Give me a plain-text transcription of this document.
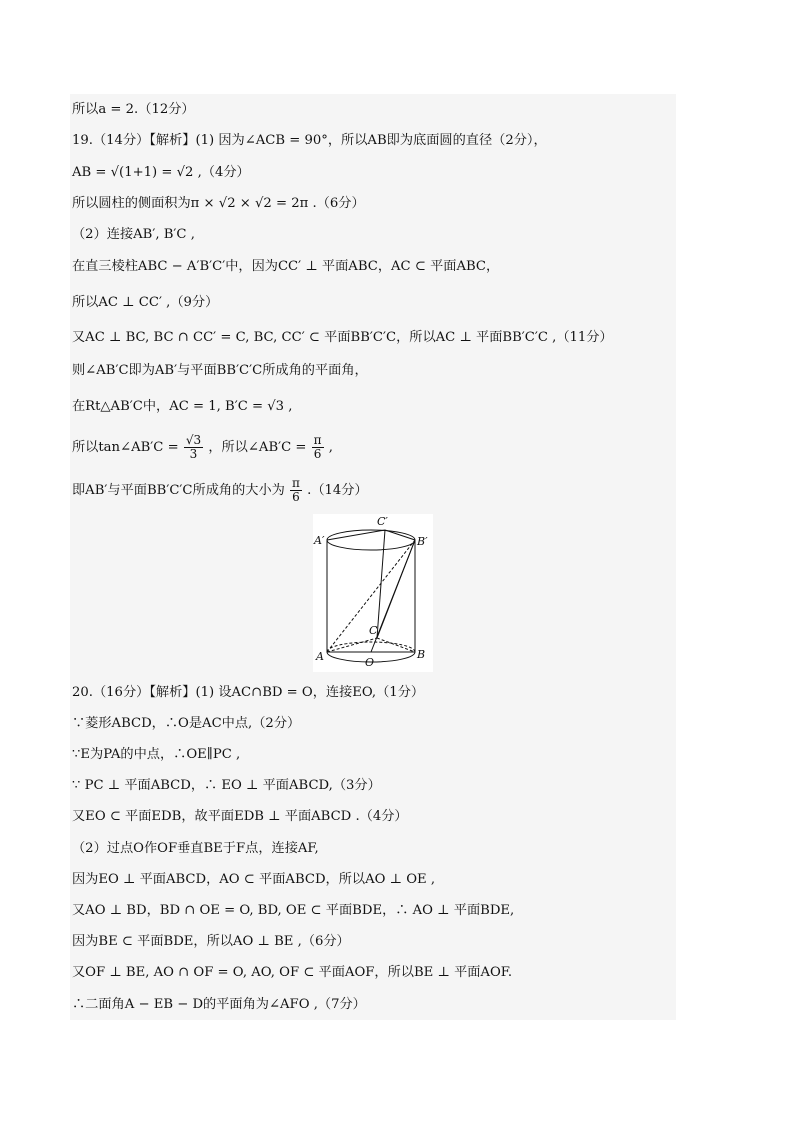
所以a = 2.（12分）
19.（14分）【解析】(1) 因为∠ACB = 90°，所以AB即为底面圆的直径（2分），
AB = √(1+1) = √2 ,（4分）
所以圆柱的侧面积为π × √2 × √2 = 2π .（6分）
（2）连接AB′, B′C ,
在直三棱柱ABC − A′B′C′中，因为CC′ ⊥ 平面ABC，AC ⊂ 平面ABC，
所以AC ⊥ CC′ ,（9分）
又AC ⊥ BC, BC ∩ CC′ = C, BC, CC′ ⊂ 平面BB′C′C，所以AC ⊥ 平面BB′C′C ,（11分）
则∠AB′C即为AB′与平面BB′C′C所成角的平面角，
在Rt△AB′C中，AC = 1, B′C = √3 ,
所以tan∠AB′C = $\frac{√3}{3}$ ，所以∠AB′C = $\frac{\pi}{6}$ ,
即AB′与平面BB′C′C所成角的大小为 $\frac{\pi}{6} .(14$分）
C′
A′	B′
C
A	B
O
20.（16分）【解析】(1) 设AC∩BD = O，连接EO,（1分）
∵菱形ABCD，∴O是AC中点,（2分）
∵E为PA的中点，∴OE∥PC ,
∵ PC ⊥ 平面ABCD，∴ EO ⊥ 平面ABCD,（3分）
又EO ⊂ 平面EDB，故平面EDB ⊥ 平面ABCD .（4分）
（2）过点O作OF垂直BE于F点，连接AF,
因为EO ⊥ 平面ABCD，AO ⊂ 平面ABCD，所以AO ⊥ OE ,
又AO ⊥ BD，BD ∩ OE = O, BD, OE ⊂ 平面BDE，∴ AO ⊥ 平面BDE,
因为BE ⊂ 平面BDE，所以AO ⊥ BE ,（6分）
又OF ⊥ BE, AO ∩ OF = O, AO, OF ⊂ 平面AOF，所以BE ⊥ 平面AOF.
∴二面角A − EB − D的平面角为∠AFO ,（7分）
